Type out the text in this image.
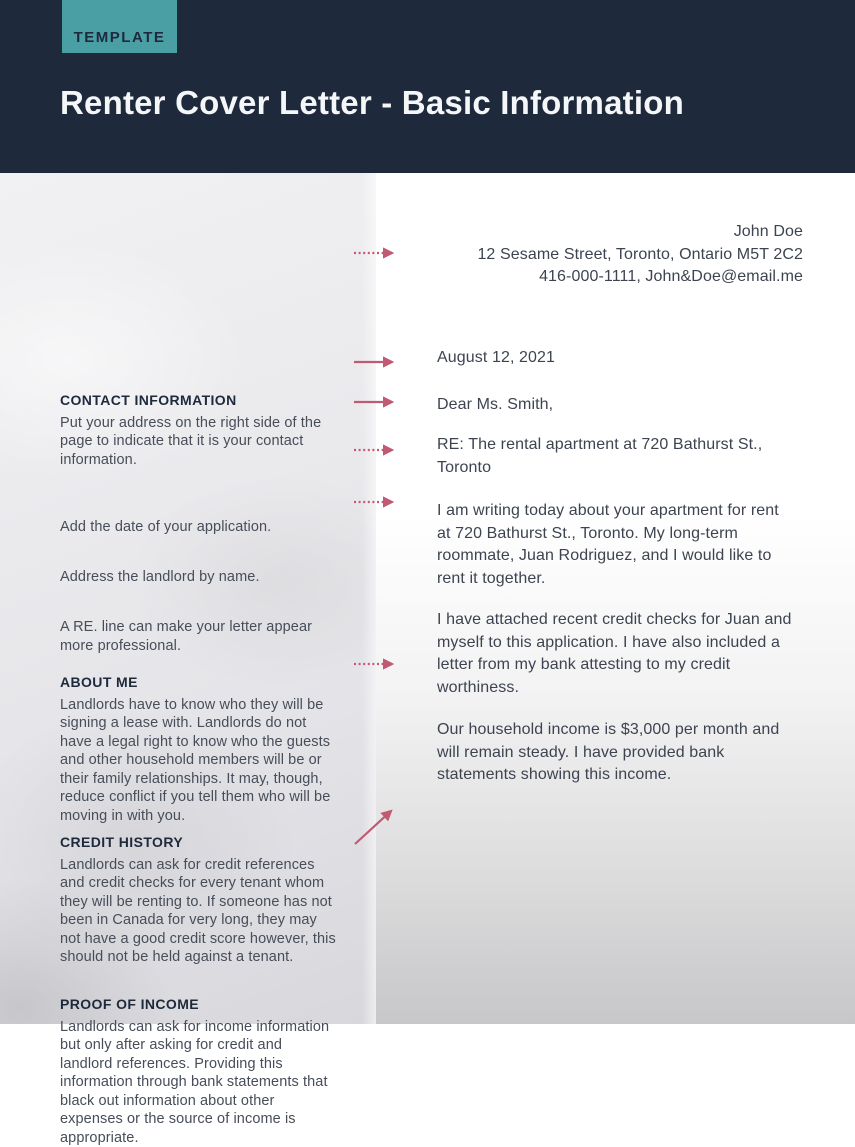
TEMPLATE
Renter Cover Letter - Basic Information
CONTACT INFORMATION

Put your address on the right side of the page to indicate that it is your contact information.

Add the date of your application.

Address the landlord by name.

A RE. line can make your letter appear more professional.

ABOUT ME

Landlords have to know who they will be signing a lease with. Landlords do not have a legal right to know who the guests and other household members will be or their family relationships. It may, though, reduce conflict if you tell them who will be moving in with you.

CREDIT HISTORY

Landlords can ask for credit references and credit checks for every tenant whom they will be renting to. If someone has not been in Canada for very long, they may not have a good credit score however, this should not be held against a tenant.

PROOF OF INCOME

Landlords can ask for income information but only after asking for credit and landlord references. Providing this information through bank statements that black out information about other expenses or the source of income is appropriate.

John Doe

12 Sesame Street, Toronto, Ontario M5T 2C2

416-000-1111, John&Doe@email.me

August 12, 2021
Dear Ms. Smith,
RE: The rental apartment at 720 Bathurst St., Toronto
I am writing today about your apartment for rent at 720 Bathurst St., Toronto. My long-term roommate, Juan Rodriguez, and I would like to rent it together.
I have attached recent credit checks for Juan and myself to this application. I have also included a letter from my bank attesting to my credit worthiness.
Our household income is $3,000 per month and will remain steady. I have provided bank statements showing this income.
